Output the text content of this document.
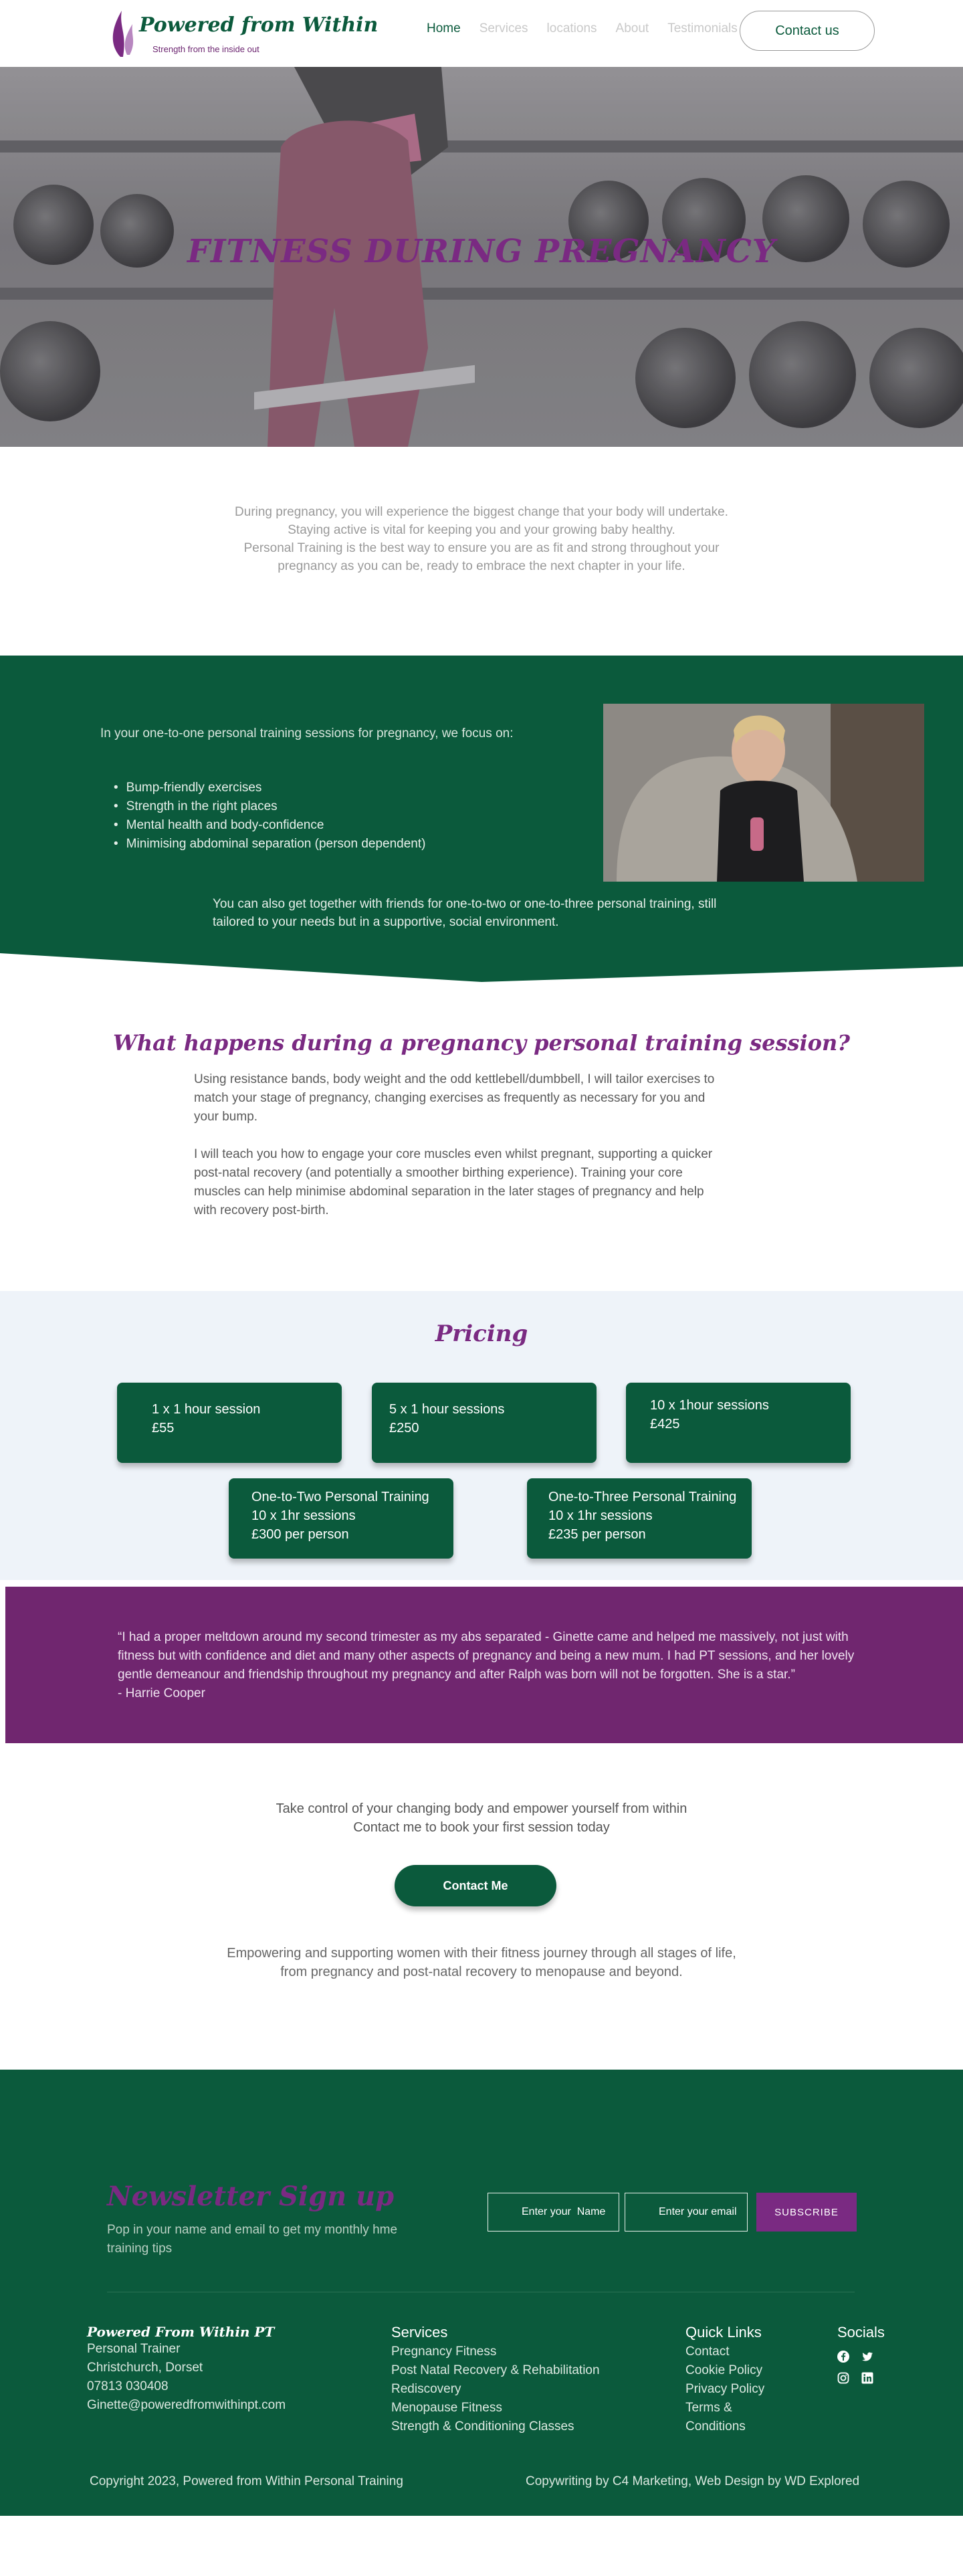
Powered from Within
Strength from the inside out
Home Services locations About Testimonials	Contact us
FITNESS DURING PREGNANCY

During pregnancy, you will experience the biggest change that your body will undertake.

Staying active is vital for keeping you and your growing baby healthy.

Personal Training is the best way to ensure you are as fit and strong throughout your

pregnancy as you can be, ready to embrace the next chapter in your life.

In your one-to-one personal training sessions for pregnancy, we focus on:

• Bump-friendly exercises
• Strength in the right places
• Mental health and body-confidence
• Minimising abdominal separation (person dependent)

You can also get together with friends for one-to-two or one-to-three personal training, still tailored to your needs but in a supportive, social environment.

What happens during a pregnancy personal training session?

Using resistance bands, body weight and the odd kettlebell/dumbbell, I will tailor exercises to match your stage of pregnancy, changing exercises as frequently as necessary for you and your bump.

I will teach you how to engage your core muscles even whilst pregnant, supporting a quicker post-natal recovery (and potentially a smoother birthing experience). Training your core muscles can help minimise abdominal separation in the later stages of pregnancy and help with recovery post-birth.

Pricing
1 x 1 hour session
£55
5 x 1 hour sessions
£250
10 x 1hour sessions
£425
One-to-Two Personal Training
10 x 1hr sessions
£300 per person
One-to-Three Personal Training
10 x 1hr sessions
£235 per person

“I had a proper meltdown around my second trimester as my abs separated - Ginette came and helped me massively, not just with fitness but with confidence and diet and many other aspects of pregnancy and being a new mum. I had PT sessions, and her lovely gentle demeanour and friendship throughout my pregnancy and after Ralph was born will not be forgotten. She is a star.”

- Harrie Cooper

Take control of your changing body and empower yourself from within

Contact me to book your first session today

Contact Me

Empowering and supporting women with their fitness journey through all stages of life,

from pregnancy and post-natal recovery to menopause and beyond.

Newsletter Sign up

Pop in your name and email to get my monthly hme training tips

Enter your Name
Enter your email
SUBSCRIBE
Powered From Within PT
Personal Trainer
Christchurch, Dorset
07813 030408
Ginette@poweredfromwithinpt.com
Services
Pregnancy Fitness
Post Natal Recovery & Rehabilitation
Rediscovery
Menopause Fitness
Strength & Conditioning Classes
Quick Links
Contact
Cookie Policy
Privacy Policy
Terms &
Conditions
Socials

Copyright 2023, Powered from Within Personal Training	Copywriting by C4 Marketing, Web Design by WD Explored
